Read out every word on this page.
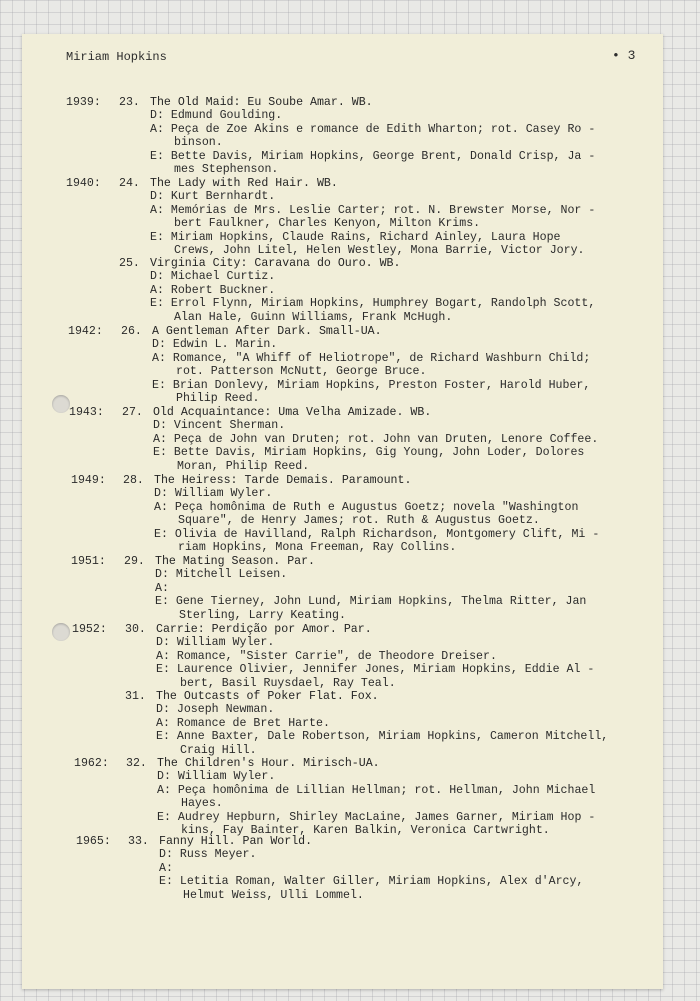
Miriam Hopkins	• 3
1939: 23. The Old Maid: Eu Soube Amar. WB.
D: Edmund Goulding.
A: Peça de Zoe Akins e romance de Edith Wharton; rot. Casey Ro -
binson.
E: Bette Davis, Miriam Hopkins, George Brent, Donald Crisp, Ja -
mes Stephenson.
1940: 24. The Lady with Red Hair. WB.
D: Kurt Bernhardt.
A: Memórias de Mrs. Leslie Carter; rot. N. Brewster Morse, Nor -
bert Faulkner, Charles Kenyon, Milton Krims.
E: Miriam Hopkins, Claude Rains, Richard Ainley, Laura Hope
Crews, John Litel, Helen Westley, Mona Barrie, Victor Jory.
25. Virginia City: Caravana do Ouro. WB.
D: Michael Curtiz.
A: Robert Buckner.
E: Errol Flynn, Miriam Hopkins, Humphrey Bogart, Randolph Scott,
Alan Hale, Guinn Williams, Frank McHugh.
1942: 26. A Gentleman After Dark. Small-UA.
D: Edwin L. Marin.
A: Romance, "A Whiff of Heliotrope", de Richard Washburn Child;
rot. Patterson McNutt, George Bruce.
E: Brian Donlevy, Miriam Hopkins, Preston Foster, Harold Huber,
Philip Reed.
1943: 27. Old Acquaintance: Uma Velha Amizade. WB.
D: Vincent Sherman.
A: Peça de John van Druten; rot. John van Druten, Lenore Coffee.
E: Bette Davis, Miriam Hopkins, Gig Young, John Loder, Dolores
Moran, Philip Reed.
1949: 28. The Heiress: Tarde Demais. Paramount.
D: William Wyler.
A: Peça homônima de Ruth e Augustus Goetz; novela "Washington
Square", de Henry James; rot. Ruth & Augustus Goetz.
E: Olivia de Havilland, Ralph Richardson, Montgomery Clift, Mi -
riam Hopkins, Mona Freeman, Ray Collins.
1951: 29. The Mating Season. Par.
D: Mitchell Leisen.
A:
E: Gene Tierney, John Lund, Miriam Hopkins, Thelma Ritter, Jan
Sterling, Larry Keating.
1952: 30. Carrie: Perdição por Amor. Par.
D: William Wyler.
A: Romance, "Sister Carrie", de Theodore Dreiser.
E: Laurence Olivier, Jennifer Jones, Miriam Hopkins, Eddie Al -
bert, Basil Ruysdael, Ray Teal.
31. The Outcasts of Poker Flat. Fox.
D: Joseph Newman.
A: Romance de Bret Harte.
E: Anne Baxter, Dale Robertson, Miriam Hopkins, Cameron Mitchell,
Craig Hill.
1962: 32. The Children's Hour. Mirisch-UA.
D: William Wyler.
A: Peça homônima de Lillian Hellman; rot. Hellman, John Michael
Hayes.
E: Audrey Hepburn, Shirley MacLaine, James Garner, Miriam Hop -
kins, Fay Bainter, Karen Balkin, Veronica Cartwright.
1965: 33. Fanny Hill. Pan World.
D: Russ Meyer.
A:
E: Letitia Roman, Walter Giller, Miriam Hopkins, Alex d'Arcy,
Helmut Weiss, Ulli Lommel.
